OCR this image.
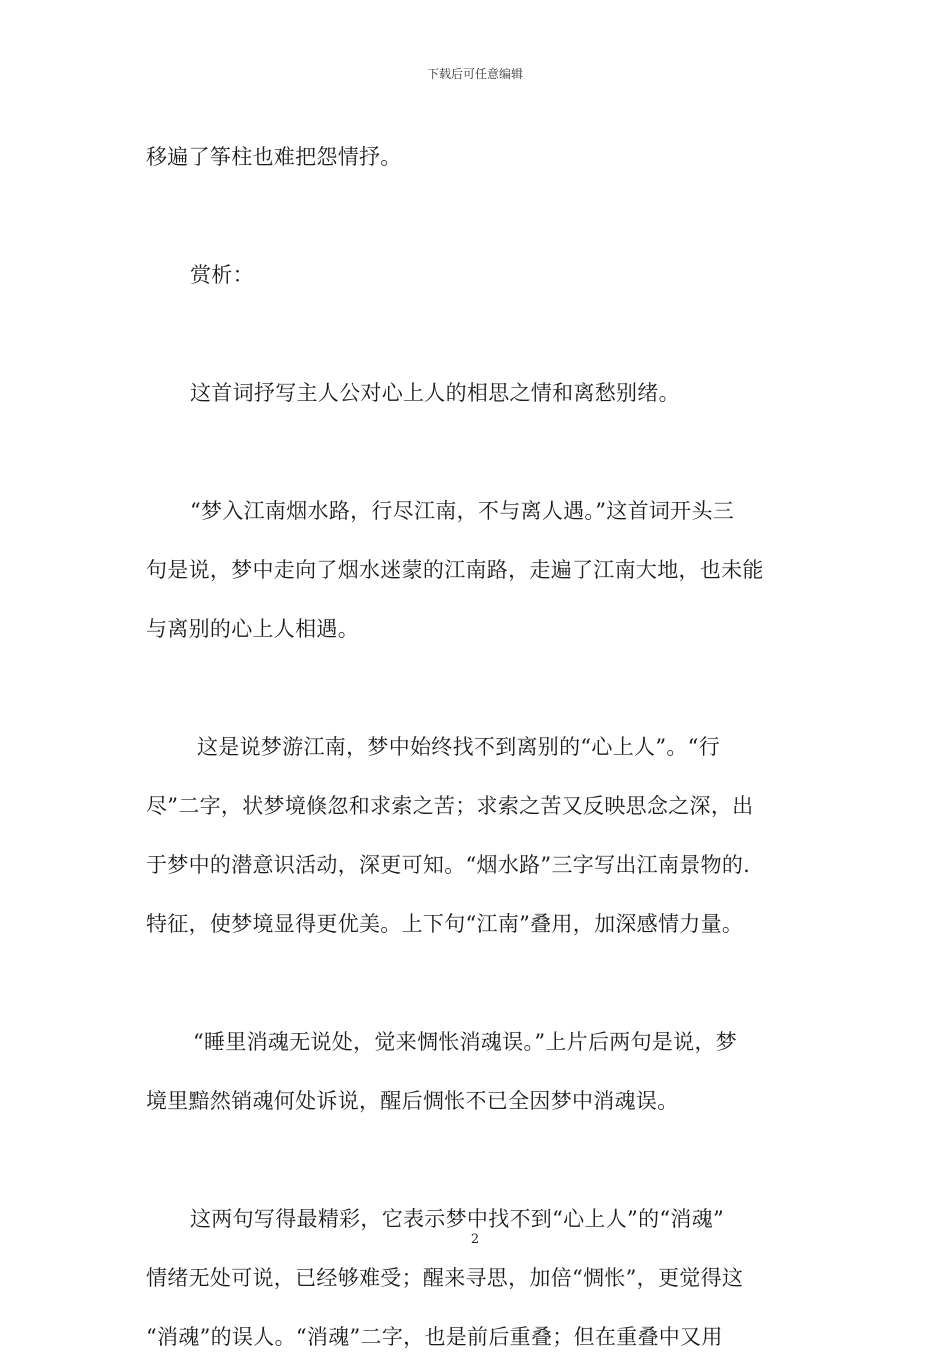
下载后可任意编辑
移遍了筝柱也难把怨情抒。
赏析：
这首词抒写主人公对心上人的相思之情和离愁别绪。
“梦入江南烟水路，行尽江南，不与离人遇。”这首词开头三
句是说，梦中走向了烟水迷蒙的江南路，走遍了江南大地，也未能
与离别的心上人相遇。
这是说梦游江南，梦中始终找不到离别的“心上人”。“行
尽”二字，状梦境倏忽和求索之苦；求索之苦又反映思念之深，出
于梦中的潜意识活动，深更可知。“烟水路”三字写出江南景物的.
特征，使梦境显得更优美。上下句“江南”叠用，加深感情力量。
“睡里消魂无说处，觉来惆怅消魂误。”上片后两句是说，梦
境里黯然销魂何处诉说，醒后惆怅不已全因梦中消魂误。
这两句写得最精彩，它表示梦中找不到“心上人”的“消魂”
情绪无处可说，已经够难受；醒来寻思，加倍“惆怅”，更觉得这
“消魂”的误人。“消魂”二字，也是前后重叠；但在重叠中又用
2
